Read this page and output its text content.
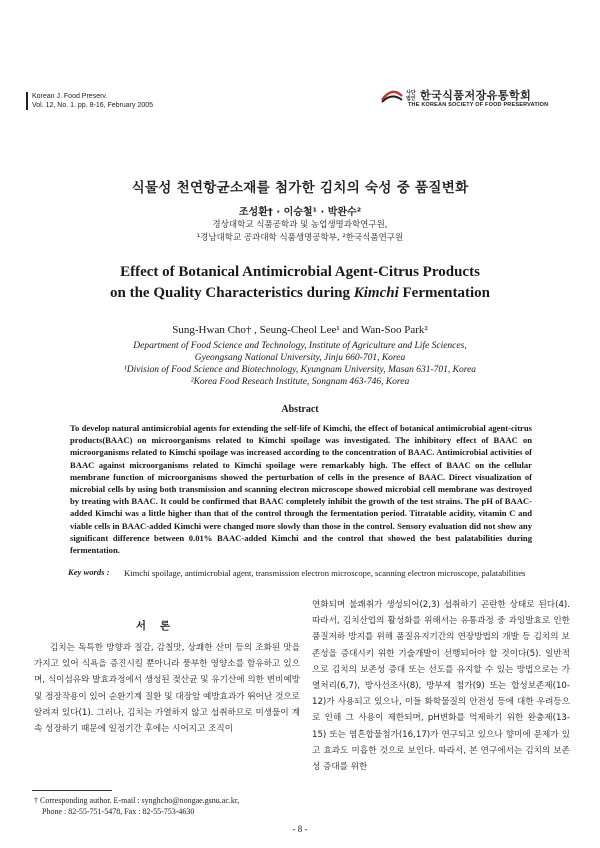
Korean J. Food Preserv.
Vol. 12, No. 1. pp. 8-16, February 2005
사단
법인 한국식품저장유통학회
THE KOREAN SOCIETY OF FOOD PRESERVATION
식물성 천연항균소재를 첨가한 김치의 숙성 중 품질변화
조성환† · 이승철¹ · 박완수²
경상대학교 식품공학과 및 농업생명과학연구원,
¹경남대학교 공과대학 식품생명공학부, ²한국식품연구원
Effect of Botanical Antimicrobial Agent-Citrus Products
on the Quality Characteristics during Kimchi Fermentation
Sung-Hwan Cho† , Seung-Cheol Lee¹ and Wan-Soo Park²
Department of Food Science and Technology, Institute of Agriculture and Life Sciences,
Gyeongsang National University, Jinju 660-701, Korea
¹Division of Food Science and Biotechnology, Kyungnam University, Masan 631-701, Korea
²Korea Food Reseach Institute, Songnam 463-746, Korea
Abstract
To develop natural antimicrobial agents for extending the self-life of Kimchi, the effect of botanical antimicrobial agent-citrus products(BAAC) on microorganisms related to Kimchi spoilage was investigated. The inhibitory effect of BAAC on microorganisms related to Kimchi spoilage was increased according to the concentration of BAAC. Antimicrobial activities of BAAC against microorganisms related to Kimchi spoilage were remarkably high. The effect of BAAC on the cellular membrane function of microorganisms showed the perturbation of cells in the presence of BAAC. Direct visualization of microbial cells by using both transmission and scanning electron microscope showed microbial cell membrane was destroyed by treating with BAAC. It could be confirmed that BAAC completely inhibit the growth of the test strains. The pH of BAAC-added Kimchi was a little higher than that of the control through the fermentation period. Titratable acidity, vitamin C and viable cells in BAAC-added Kimchi were changed more slowly than those in the control. Sensory evaluation did not show any significant difference between 0.01% BAAC-added Kimchi and the control that showed the best palatabilities during fermentation.
Key words : Kimchi spoilage, antimicrobial agent, transmission electron microscope, scanning electron microscope, palatabilities
서론
김치는 독특한 방향과 질감, 감칠맛, 상쾌한 산미 등의 조화된 맛을 가지고 있어 식욕을 증진시킬 뿐아니라 풍부한 영양소를 함유하고 있으며, 식이섬유와 발효과정에서 생성된 젖산균 및 유기산에 의한 변비예방 및 정장작용이 있어 순환기계 질환 및 대장암 예방효과가 뛰어난 것으로 알려져 있다(1). 그러나, 김치는 가열하지 않고 섭취하므로 미생물이 계속 성장하기 때문에 일정기간 후에는 시어지고 조직이
연화되며 불쾌취가 생성되어(2,3) 섭취하기 곤란한 상태로 된다(4). 따라서, 김치산업의 활성화를 위해서는 유통과정 중 과잉발효로 인한 품질저하 방지를 위해 품질유지기간의 연장방법의 개발 등 김치의 보존성을 증대시키 위한 기술개발이 선행되어야 할 것이다(5). 일반적으로 김치의 보존성 증대 또는 선도를 유지할 수 있는 방법으로는 가열처리(6,7), 방사선조사(8), 방부제 첨가(9) 또는 합성보존제(10-12)가 사용되고 있으나, 이들 화학물질의 안전성 등에 대한 우려등으로 인해 그 사용이 제한되며, pH변화를 억제하기 위한 완충제(13-15) 또는 염흔합물첨가(16,17)가 연구되고 있으나 향미에 문제가 있고 효과도 미흡한 것으로 보인다. 따라서, 본 연구에서는 김치의 보존성 증대를 위한
† Corresponding author. E-mail : synghcho@nongae.gsnu.ac.kr,
Phone : 82-55-751-5478, Fax : 82-55-753-4630
- 8 -
